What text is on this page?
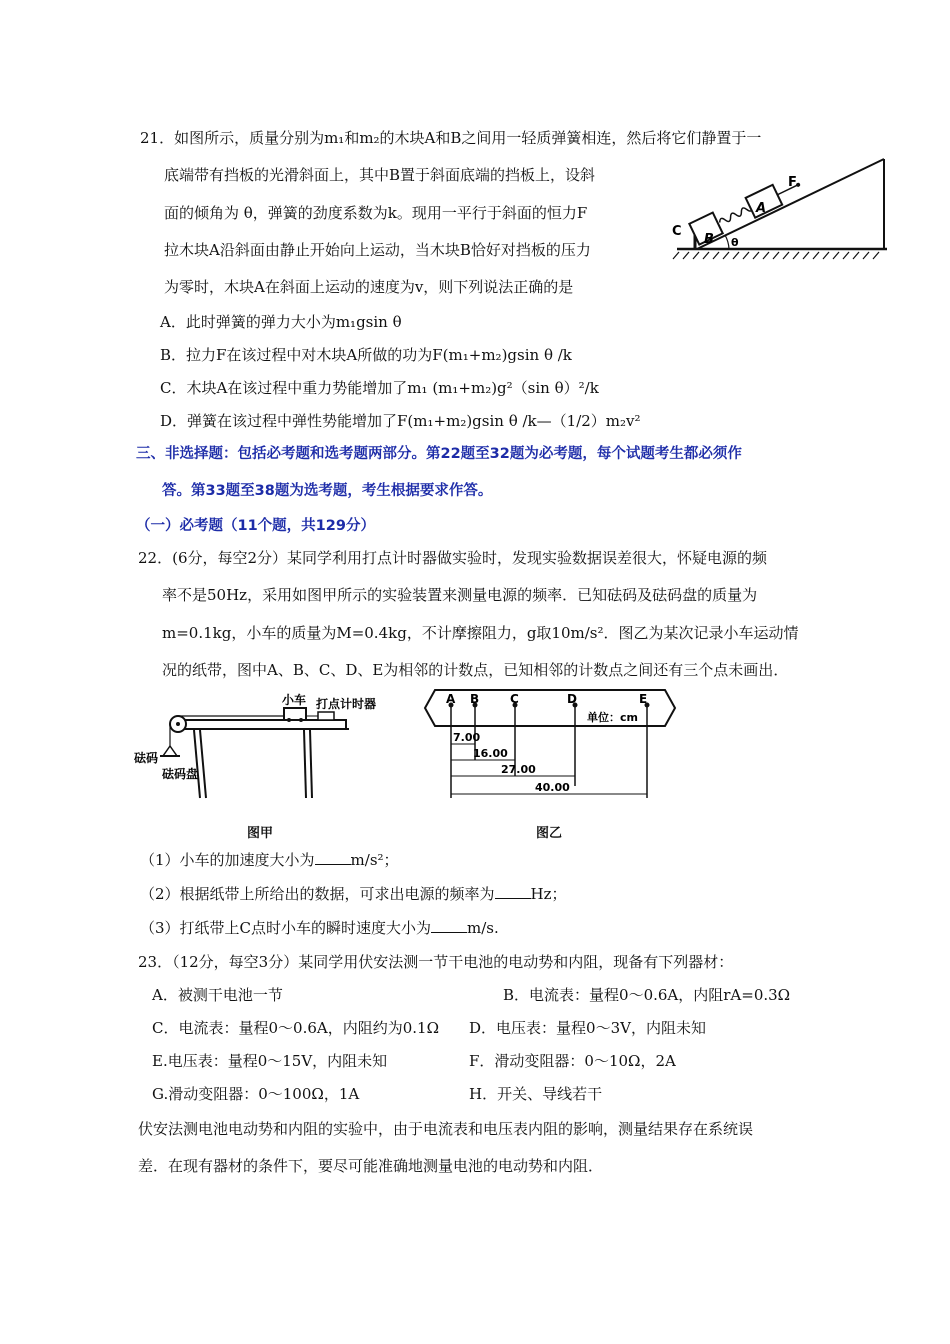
21．如图所示，质量分别为m₁和m₂的木块A和B之间用一轻质弹簧相连，然后将它们静置于一
底端带有挡板的光滑斜面上，其中B置于斜面底端的挡板上，设斜
面的倾角为 θ，弹簧的劲度系数为k。现用一平行于斜面的恒力F
拉木块A沿斜面由静止开始向上运动，当木块B恰好对挡板的压力
为零时，木块A在斜面上运动的速度为v，则下列说法正确的是
A．此时弹簧的弹力大小为m₁gsin θ
B．拉力F在该过程中对木块A所做的功为F(m₁+m₂)gsin θ /k
C．木块A在该过程中重力势能增加了m₁ (m₁+m₂)g²（sin θ）²/k
D．弹簧在该过程中弹性势能增加了F(m₁+m₂)gsin θ /k—（1/2）m₂v²
θ
B
A
F
C
三、非选择题：包括必考题和选考题两部分。第22题至32题为必考题，每个试题考生都必须作
答。第33题至38题为选考题，考生根据要求作答。
（一）必考题（11个题，共129分）
22．(6分，每空2分）某同学利用打点计时器做实验时，发现实验数据误差很大，怀疑电源的频
率不是50Hz，采用如图甲所示的实验装置来测量电源的频率．已知砝码及砝码盘的质量为
m=0.1kg，小车的质量为M=0.4kg，不计摩擦阻力，g取10m/s²．图乙为某次记录小车运动情
况的纸带，图中A、B、C、D、E为相邻的计数点，已知相邻的计数点之间还有三个点未画出．
小车 打点计时器
砝码
砝码盘
图甲
A B	C	D	E
单位：cm
7.00
16.00
27.00
40.00
图乙
（1）小车的加速度大小为 m/s²；
（2）根据纸带上所给出的数据，可求出电源的频率为 Hz；
（3）打纸带上C点时小车的瞬时速度大小为 m/s.
23．（12分，每空3分）某同学用伏安法测一节干电池的电动势和内阻，现备有下列器材：
A．被测干电池一节	B．电流表：量程0～0.6A，内阻rA=0.3Ω
C．电流表：量程0～0.6A，内阻约为0.1Ω D．电压表：量程0～3V，内阻未知
E.电压表：量程0～15V，内阻未知	F．滑动变阻器：0～10Ω，2A
G.滑动变阻器：0～100Ω，1A	H．开关、导线若干
伏安法测电池电动势和内阻的实验中，由于电流表和电压表内阻的影响，测量结果存在系统误
差．在现有器材的条件下，要尽可能准确地测量电池的电动势和内阻．
